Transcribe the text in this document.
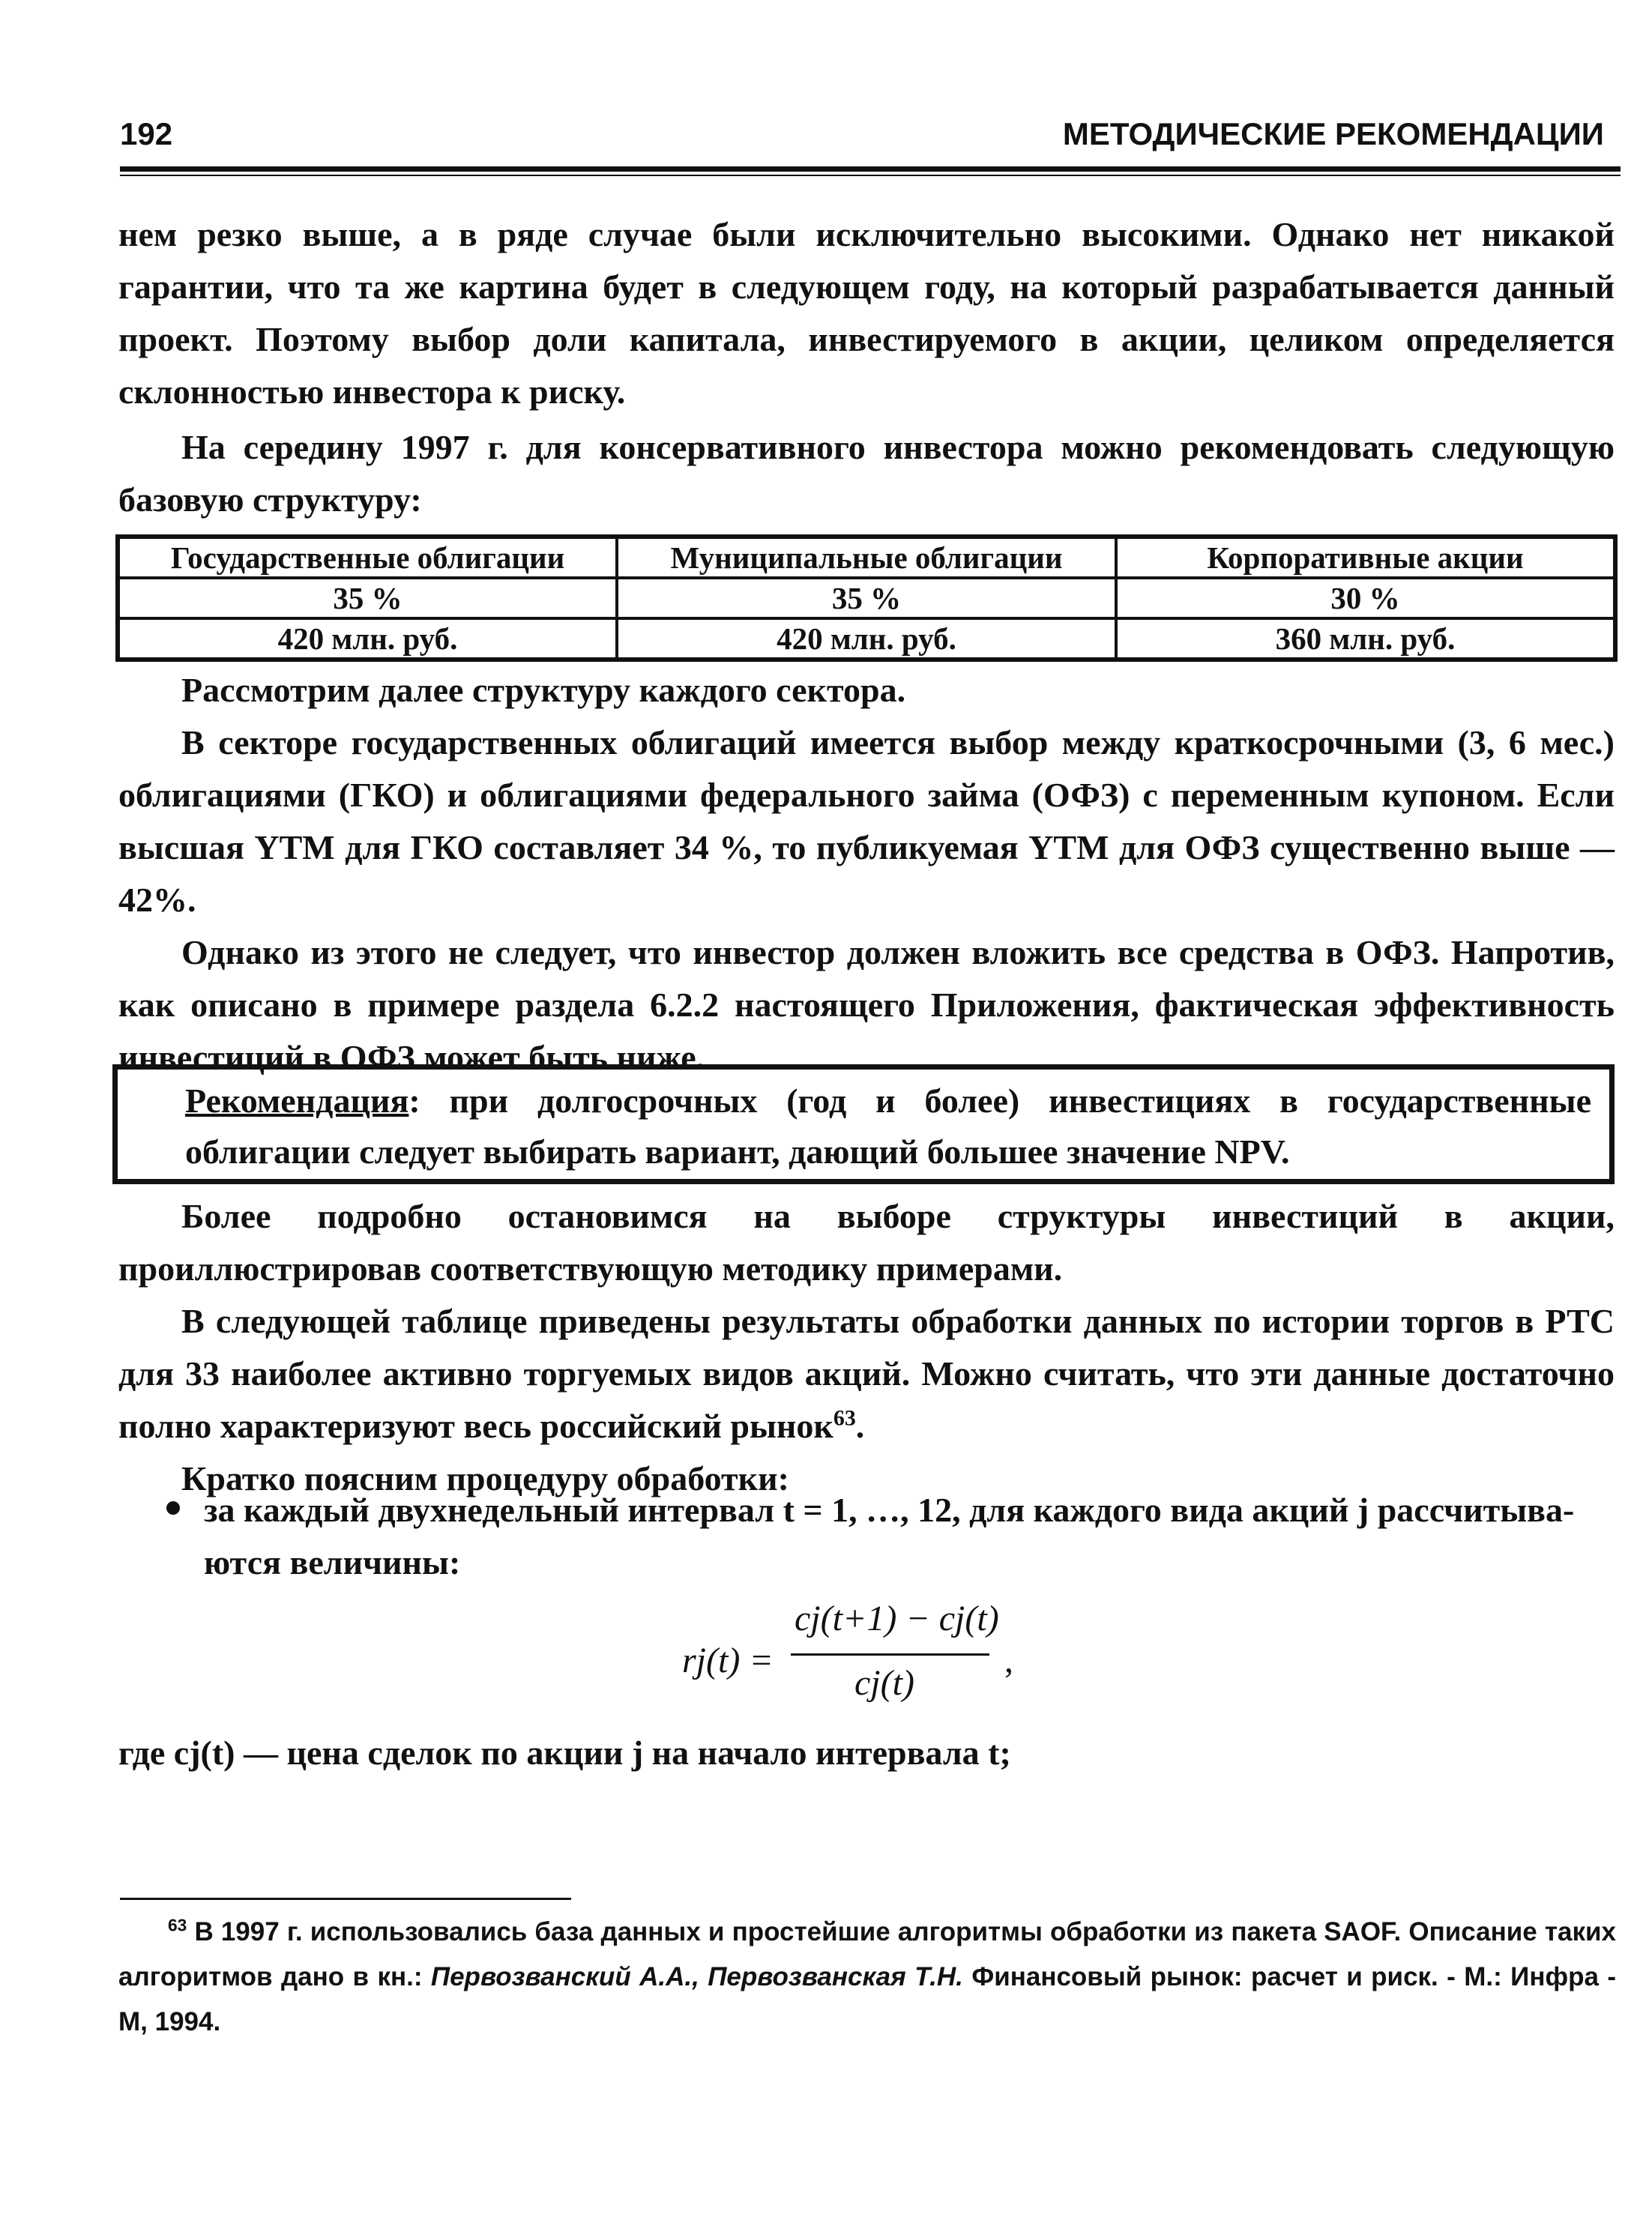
192	МЕТОДИЧЕСКИЕ РЕКОМЕНДАЦИИ

нем резко выше, а в ряде случае были исключительно высокими. Однако нет никакой гарантии, что та же картина будет в следующем году, на который разрабатывается данный проект. Поэтому выбор доли капитала, инвестируемого в акции, целиком определяется склонностью инвестора к риску.

На середину 1997 г. для консервативного инвестора можно рекомендовать следующую базовую структуру:

Государственные облигации	Муниципальные облигации	Корпоративные акции
35 %	35 %	30 %
420 млн. руб.	420 млн. руб.	360 млн. руб.

Рассмотрим далее структуру каждого сектора.

В секторе государственных облигаций имеется выбор между краткосрочными (3, 6 мес.) облигациями (ГКО) и облигациями федерального займа (ОФЗ) с переменным купоном. Если высшая YTM для ГКО составляет 34 %, то публикуемая YTM для ОФЗ существенно выше — 42%.

Однако из этого не следует, что инвестор должен вложить все средства в ОФЗ. Напротив, как описано в примере раздела 6.2.2 настоящего Приложения, фактическая эффективность инвестиций в ОФЗ может быть ниже.

Рекомендация: при долгосрочных (год и более) инвестициях в государственные облигации следует выбирать вариант, дающий большее значение NPV.

Более подробно остановимся на выборе структуры инвестиций в акции, проиллюстрировав соответствующую методику примерами.

В следующей таблице приведены результаты обработки данных по истории торгов в РТС для 33 наиболее активно торгуемых видов акций. Можно считать, что эти данные достаточно полно характеризуют весь российский рынок$^{63}$.

Кратко поясним процедуру обработки:

за каждый двухнедельный интервал t = 1, …, 12, для каждого вида акций j рассчитыва-
ются величины:
rj(t) =
cj(t+1) − cj(t)
cj(t)
,

где cj(t) — цена сделок по акции j на начало интервала t;

$^{63}$ В 1997 г. использовались база данных и простейшие алгоритмы обработки из пакета SAOF. Описание таких алгоритмов дано в кн.: Первозванский А.А., Первозванская Т.Н. Финансовый рынок: расчет и риск. - М.: Инфра - М, 1994.
